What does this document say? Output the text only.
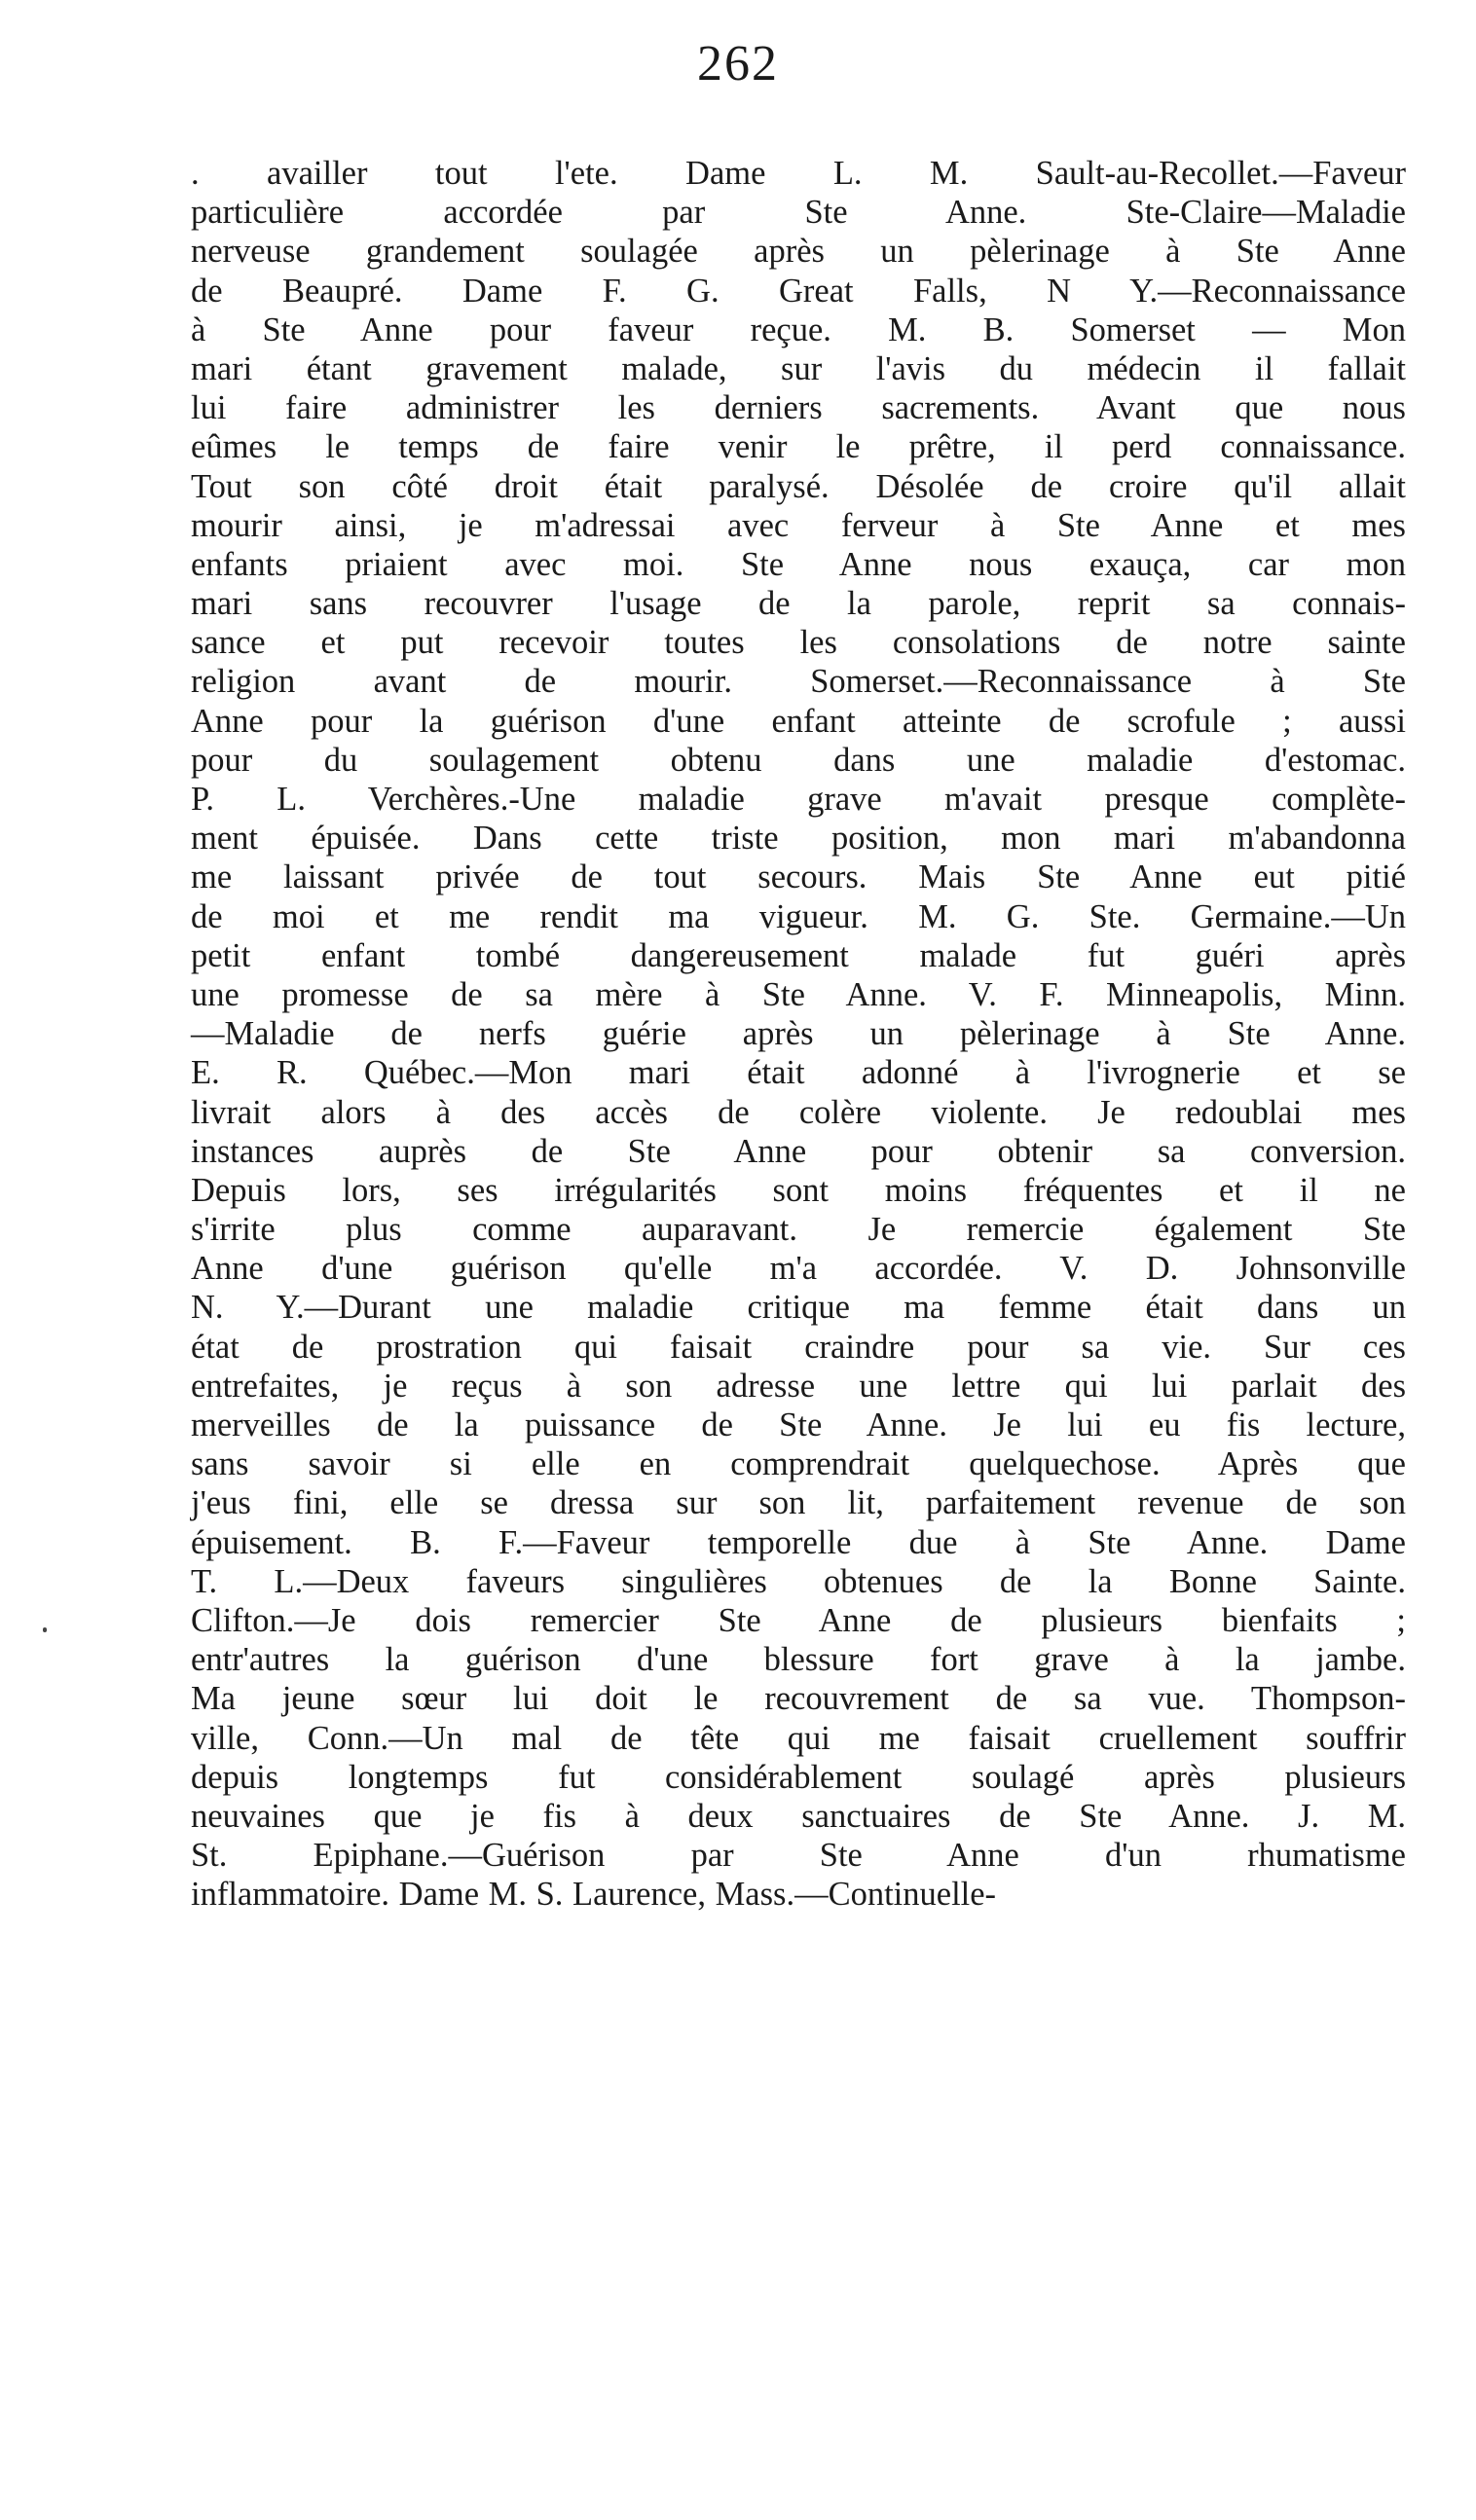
262
. availler tout l'ete. Dame L. M. Sault-au-Recollet.—Faveur
particulière accordée par Ste Anne. Ste-Claire—Maladie
nerveuse grandement soulagée après un pèlerinage à Ste Anne
de Beaupré. Dame F. G. Great Falls, N Y.—Reconnaissance
à Ste Anne pour faveur reçue. M. B. Somerset — Mon
mari étant gravement malade, sur l'avis du médecin il fallait
lui faire administrer les derniers sacrements. Avant que nous
eûmes le temps de faire venir le prêtre, il perd connaissance.
Tout son côté droit était paralysé. Désolée de croire qu'il allait
mourir ainsi, je m'adressai avec ferveur à Ste Anne et mes
enfants priaient avec moi. Ste Anne nous exauça, car mon
mari sans recouvrer l'usage de la parole, reprit sa connais-
sance et put recevoir toutes les consolations de notre sainte
religion avant de mourir. Somerset.—Reconnaissance à Ste
Anne pour la guérison d'une enfant atteinte de scrofule ; aussi
pour du soulagement obtenu dans une maladie d'estomac.
P. L. Verchères.-Une maladie grave m'avait presque complète-
ment épuisée. Dans cette triste position, mon mari m'abandonna
me laissant privée de tout secours. Mais Ste Anne eut pitié
de moi et me rendit ma vigueur. M. G. Ste. Germaine.—Un
petit enfant tombé dangereusement malade fut guéri après
une promesse de sa mère à Ste Anne. V. F. Minneapolis, Minn.
—Maladie de nerfs guérie après un pèlerinage à Ste Anne.
E. R. Québec.—Mon mari était adonné à l'ivrognerie et se
livrait alors à des accès de colère violente. Je redoublai mes
instances auprès de Ste Anne pour obtenir sa conversion.
Depuis lors, ses irrégularités sont moins fréquentes et il ne
s'irrite plus comme auparavant. Je remercie également Ste
Anne d'une guérison qu'elle m'a accordée. V. D. Johnsonville
N. Y.—Durant une maladie critique ma femme était dans un
état de prostration qui faisait craindre pour sa vie. Sur ces
entrefaites, je reçus à son adresse une lettre qui lui parlait des
merveilles de la puissance de Ste Anne. Je lui eu fis lecture,
sans savoir si elle en comprendrait quelquechose. Après que
j'eus fini, elle se dressa sur son lit, parfaitement revenue de son
épuisement. B. F.—Faveur temporelle due à Ste Anne. Dame
T. L.—Deux faveurs singulières obtenues de la Bonne Sainte.
Clifton.—Je dois remercier Ste Anne de plusieurs bienfaits ;
entr'autres la guérison d'une blessure fort grave à la jambe.
Ma jeune sœur lui doit le recouvrement de sa vue. Thompson-
ville, Conn.—Un mal de tête qui me faisait cruellement souffrir
depuis longtemps fut considérablement soulagé après plusieurs
neuvaines que je fis à deux sanctuaires de Ste Anne. J. M.
St. Epiphane.—Guérison par Ste Anne d'un rhumatisme
inflammatoire. Dame M. S. Laurence, Mass.—Continuelle-
